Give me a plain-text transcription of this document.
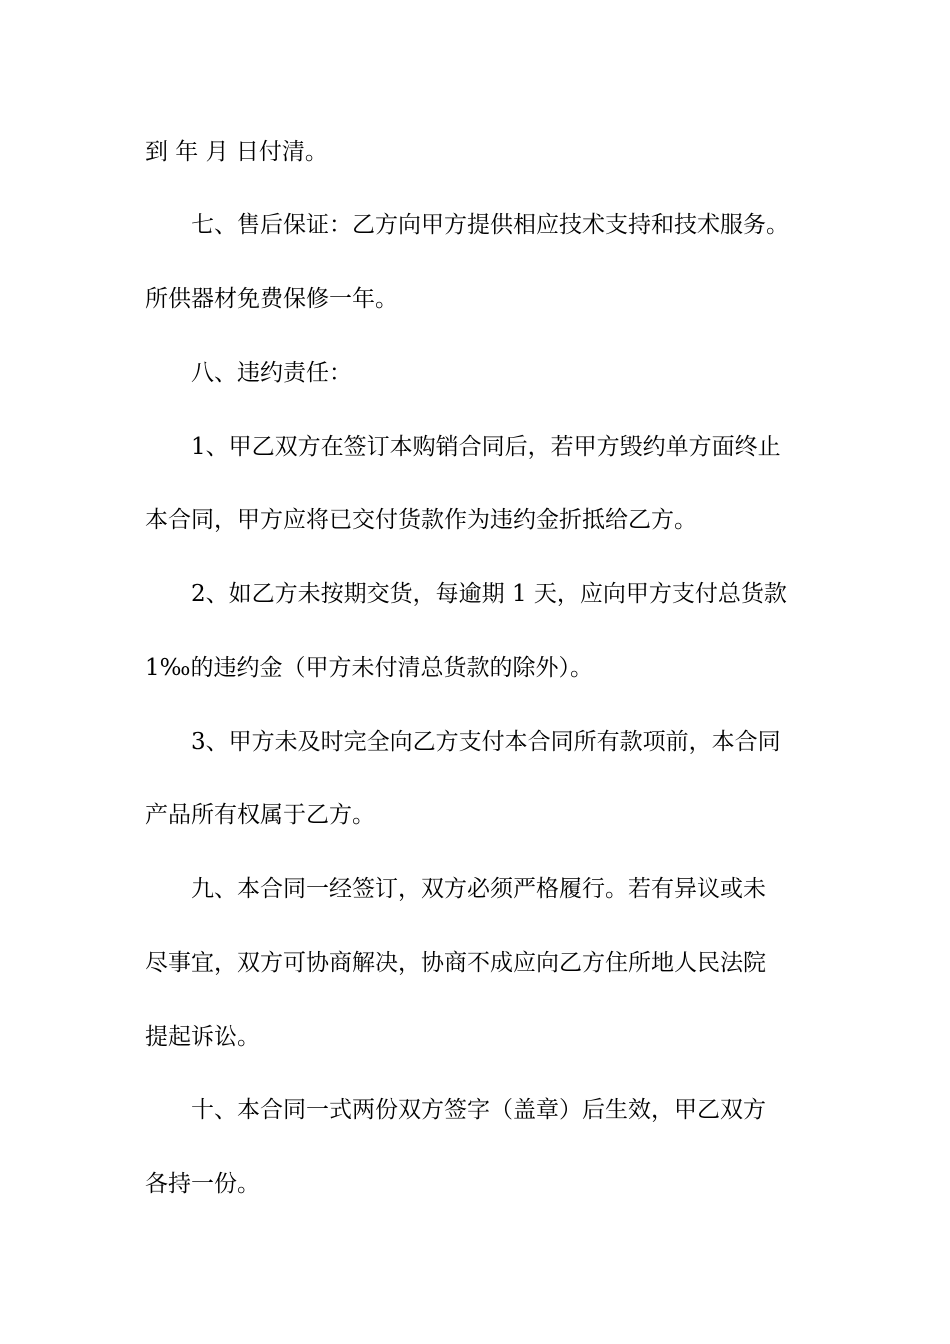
到 年 月 日付清。
七、售后保证：乙方向甲方提供相应技术支持和技术服务。
所供器材免费保修一年。
八、违约责任：
1、甲乙双方在签订本购销合同后，若甲方毁约单方面终止
本合同，甲方应将已交付货款作为违约金折抵给乙方。
2、如乙方未按期交货，每逾期 1 天，应向甲方支付总货款
1‰的违约金（甲方未付清总货款的除外）。
3、甲方未及时完全向乙方支付本合同所有款项前，本合同
产品所有权属于乙方。
九、本合同一经签订，双方必须严格履行。若有异议或未
尽事宜，双方可协商解决，协商不成应向乙方住所地人民法院
提起诉讼。
十、本合同一式两份双方签字（盖章）后生效，甲乙双方
各持一份。
